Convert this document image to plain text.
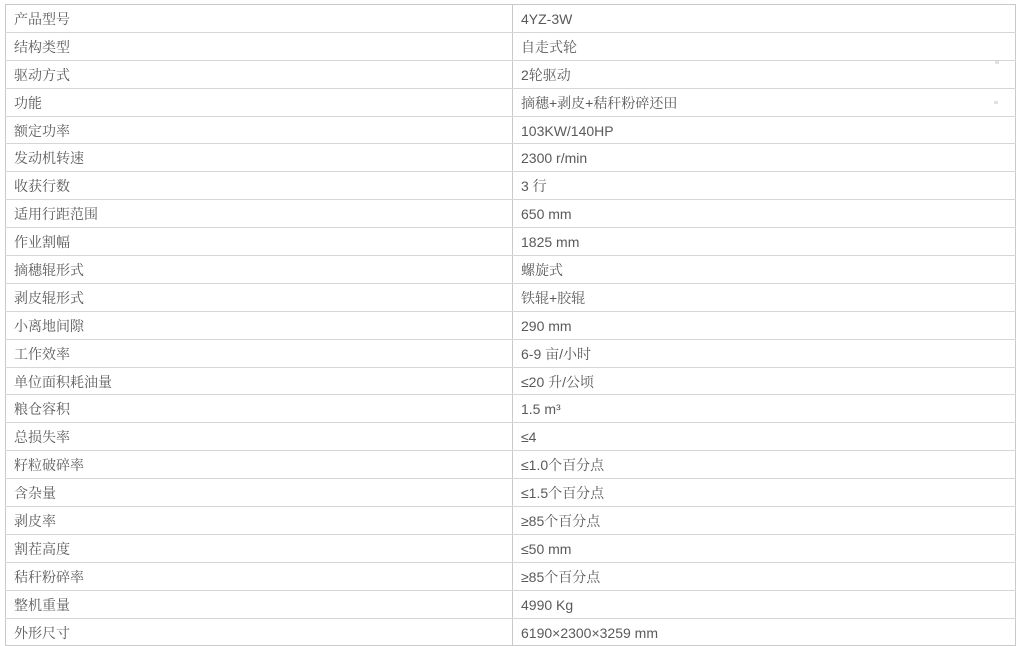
产品型号	4YZ-3W
结构类型	自走式轮
驱动方式	2轮驱动
功能	摘穗+剥皮+秸秆粉碎还田
额定功率	103KW/140HP
发动机转速	2300 r/min
收获行数	3 行
适用行距范围	650 mm
作业割幅	1825 mm
摘穗辊形式	螺旋式
剥皮辊形式	铁辊+胶辊
小离地间隙	290 mm
工作效率	6-9 亩/小时
单位面积耗油量	≤20 升/公顷
粮仓容积	1.5 m³
总损失率	≤4
籽粒破碎率	≤1.0个百分点
含杂量	≤1.5个百分点
剥皮率	≥85个百分点
割茬高度	≤50 mm
秸秆粉碎率	≥85个百分点
整机重量	4990 Kg
外形尺寸	6190×2300×3259 mm
